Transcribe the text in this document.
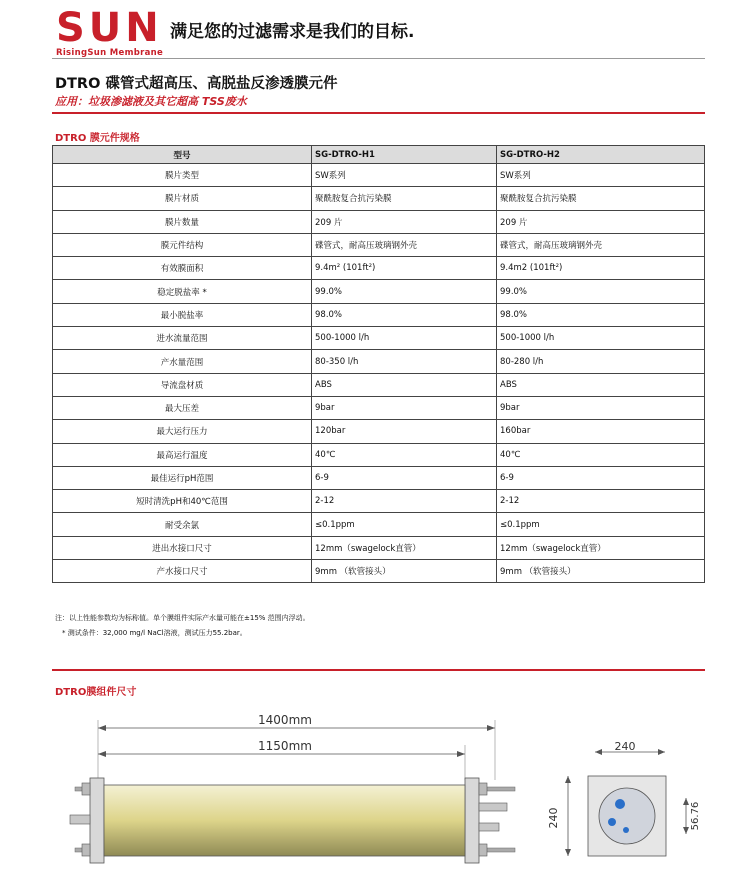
SUN
RisingSun Membrane
满足您的过滤需求是我们的目标.
DTRO 碟管式超高压、高脱盐反渗透膜元件
应用：垃圾渗滤液及其它超高 TSS废水
DTRO 膜元件规格
型号	SG-DTRO-H1	SG-DTRO-H2
膜片类型	SW系列	SW系列
膜片材质	聚酰胺复合抗污染膜	聚酰胺复合抗污染膜
膜片数量	209 片	209 片
膜元件结构	碟管式，耐高压玻璃钢外壳	碟管式，耐高压玻璃钢外壳
有效膜面积	9.4m² (101ft²)	9.4m2 (101ft²)
稳定脱盐率 *	99.0%	99.0%
最小脱盐率	98.0%	98.0%
进水流量范围	500-1000 l/h	500-1000 l/h
产水量范围	80-350 l/h	80-280 l/h
导流盘材质	ABS	ABS
最大压差	9bar	9bar
最大运行压力	120bar	160bar
最高运行温度	40℃	40℃
最佳运行pH范围	6-9	6-9
短时清洗pH和40℃范围	2-12	2-12
耐受余氯	≤0.1ppm	≤0.1ppm
进出水接口尺寸	12mm（swagelock直管）	12mm（swagelock直管）
产水接口尺寸	9mm （软管接头）	9mm （软管接头）
注：以上性能参数均为标称值。单个膜组件实际产水量可能在±15% 范围内浮动。
* 测试条件：32,000 mg/l NaCl溶液，测试压力55.2bar。
DTRO膜组件尺寸
1400mm
1150mm	240
240	56.76
